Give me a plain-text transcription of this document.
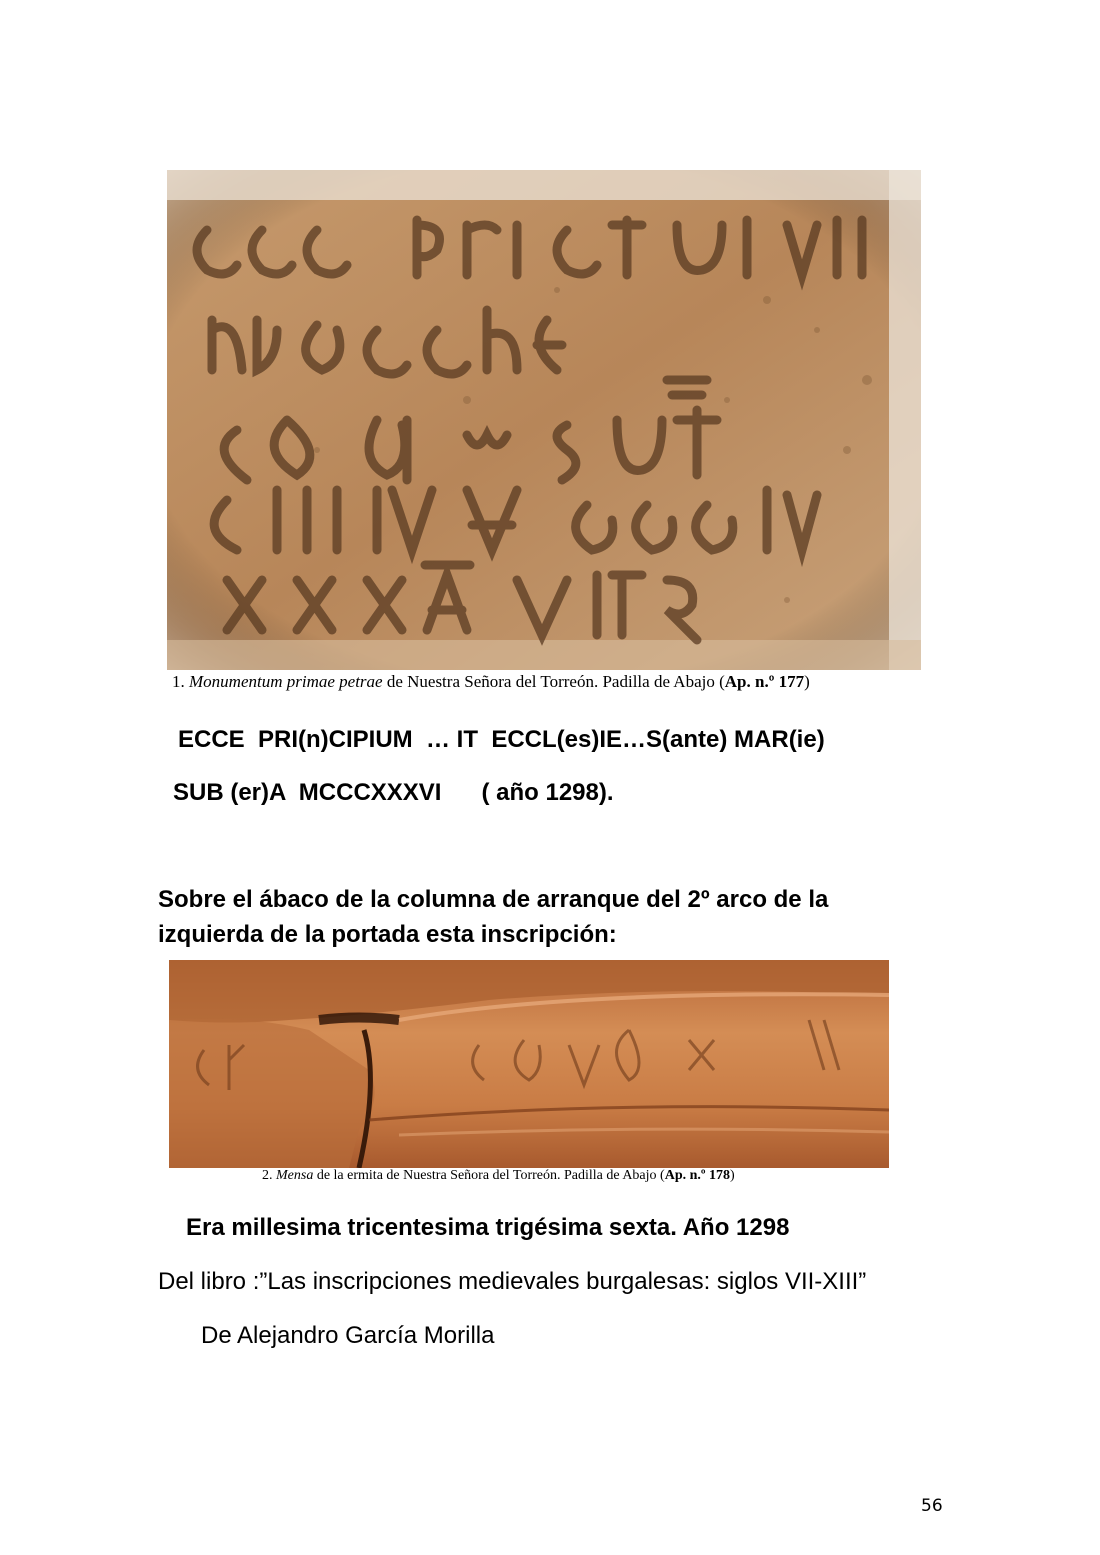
1. Monumentum primae petrae de Nuestra Señora del Torreón. Padilla de Abajo (Ap. n.º 177)
ECCE  PRI(n)CIPIUM  … IT  ECCL(es)IE…S(ante) MAR(ie)
SUB (er)A  MCCCXXXVI      ( año 1298).
Sobre el ábaco de la columna de arranque del 2º arco de la izquierda de la portada esta inscripción:
2. Mensa de la ermita de Nuestra Señora del Torreón. Padilla de Abajo (Ap. n.º 178)
Era millesima tricentesima trigésima sexta. Año 1298
Del libro :”Las inscripciones medievales burgalesas: siglos VII-XIII”
De Alejandro García Morilla
56
